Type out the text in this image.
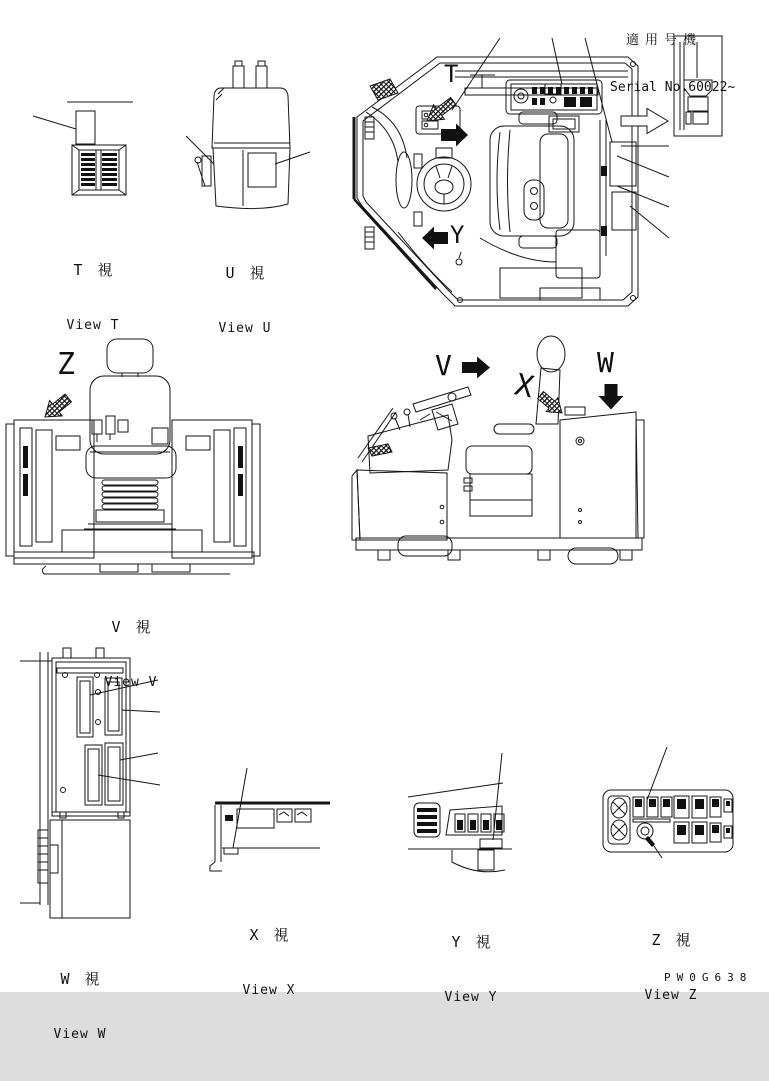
適用号機

Serial No.60022~

T　視

View T

U　視

View U

V　視

View V

W　視

View W

X　視

View X

Y　視

View Y

Z　視

View Z

T
Y
Z	V
X
W
PW0G638
